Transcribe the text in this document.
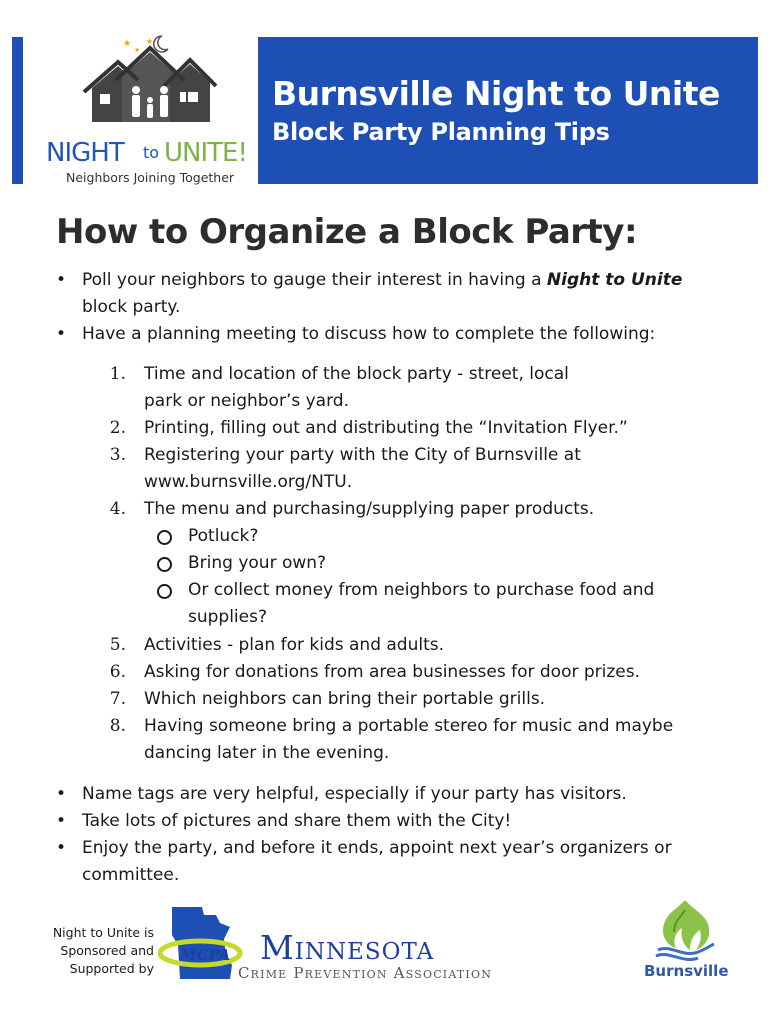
★
★
★
★
NIGHT to UNITE!
Neighbors Joining Together
Burnsville Night to Unite
Block Party Planning Tips
How to Organize a Block Party:
• Poll your neighbors to gauge their interest in having a Night to Unite
block party.
• Have a planning meeting to discuss how to complete the following:
1. Time and location of the block party - street, local
park or neighbor’s yard.
2. Printing, filling out and distributing the “Invitation Flyer.”
3. Registering your party with the City of Burnsville at
www.burnsville.org/NTU.
4. The menu and purchasing/supplying paper products.
Potluck?
Bring your own?
Or collect money from neighbors to purchase food and
supplies?
5. Activities - plan for kids and adults.
6. Asking for donations from area businesses for door prizes.
7. Which neighbors can bring their portable grills.
8. Having someone bring a portable stereo for music and maybe
dancing later in the evening.
• Name tags are very helpful, especially if your party has visitors.
• Take lots of pictures and share them with the City!
• Enjoy the party, and before it ends, appoint next year’s organizers or
committee.
Night to Unite is
Sponsored and
Supported by
MCPA Minnesota
Crime Prevention Association	Burnsville
